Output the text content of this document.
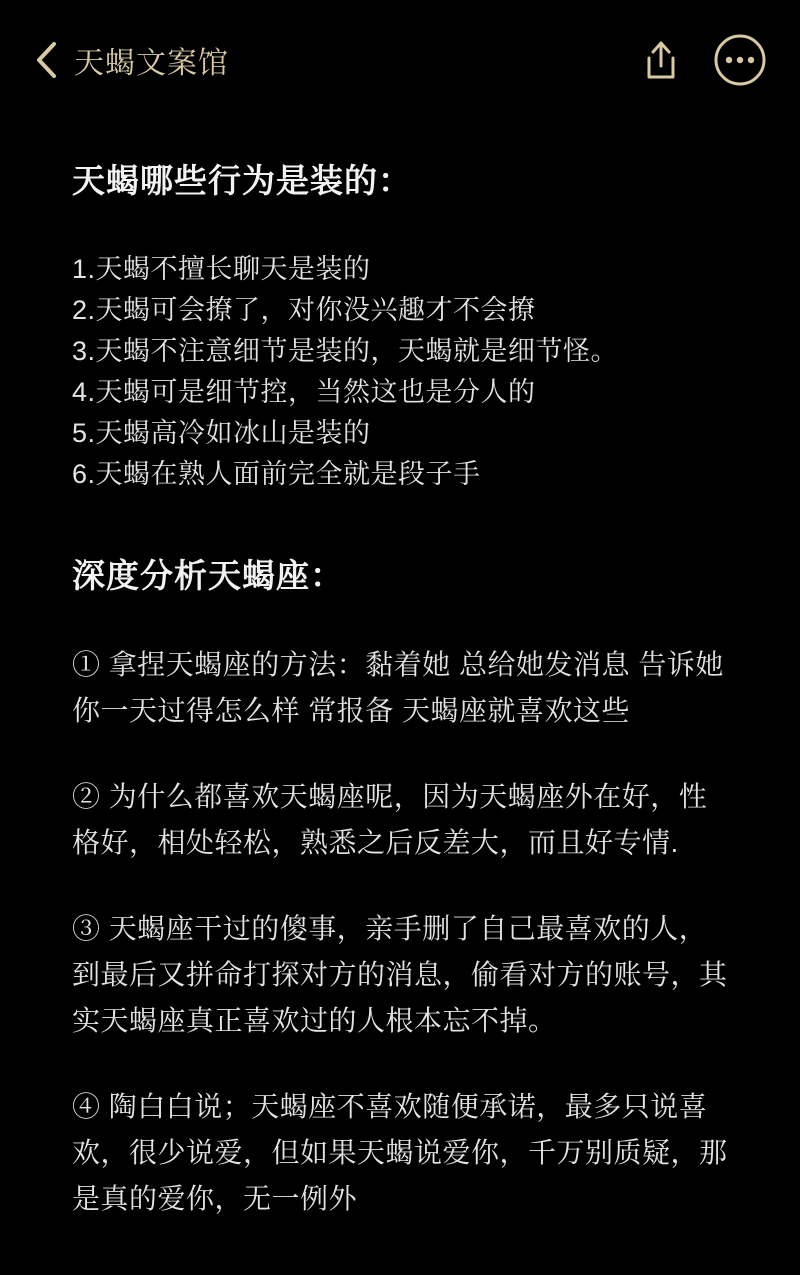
天蝎文案馆
天蝎哪些行为是装的：
1.天蝎不擅长聊天是装的
2.天蝎可会撩了，对你没兴趣才不会撩
3.天蝎不注意细节是装的，天蝎就是细节怪。
4.天蝎可是细节控，当然这也是分人的
5.天蝎高冷如冰山是装的
6.天蝎在熟人面前完全就是段子手
深度分析天蝎座：

① 拿捏天蝎座的方法：黏着她 总给她发消息 告诉她你一天过得怎么样 常报备 天蝎座就喜欢这些

② 为什么都喜欢天蝎座呢，因为天蝎座外在好，性格好，相处轻松，熟悉之后反差大，而且好专情.

③ 天蝎座干过的傻事，亲手删了自己最喜欢的人，到最后又拼命打探对方的消息，偷看对方的账号，其实天蝎座真正喜欢过的人根本忘不掉。

④ 陶白白说；天蝎座不喜欢随便承诺，最多只说喜欢，很少说爱，但如果天蝎说爱你，千万别质疑，那是真的爱你，无一例外
